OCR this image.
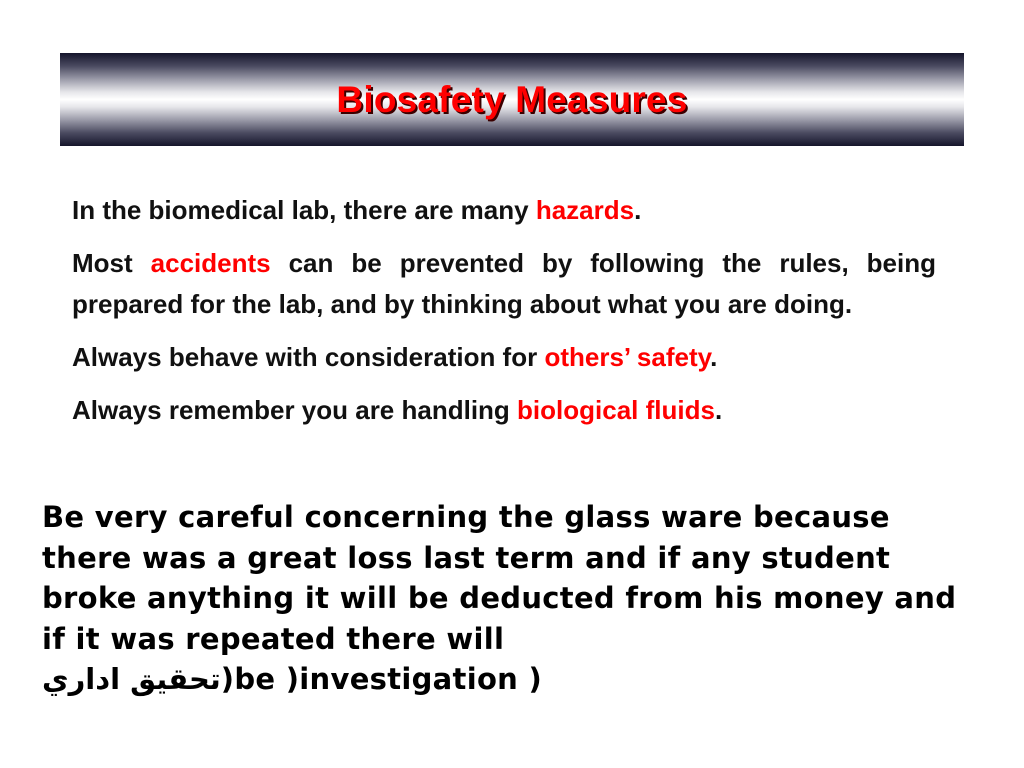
Biosafety Measures

In the biomedical lab, there are many hazards.

Most accidents can be prevented by following the rules, being prepared for the lab, and by thinking about what you are doing.

Always behave with consideration for others’ safety.

Always remember you are handling biological fluids.

Be very careful concerning the glass ware because there was a great loss last term and if any student broke anything it will be deducted from his money and if it was repeated there will
(تحقيق اداريbe )investigation )
